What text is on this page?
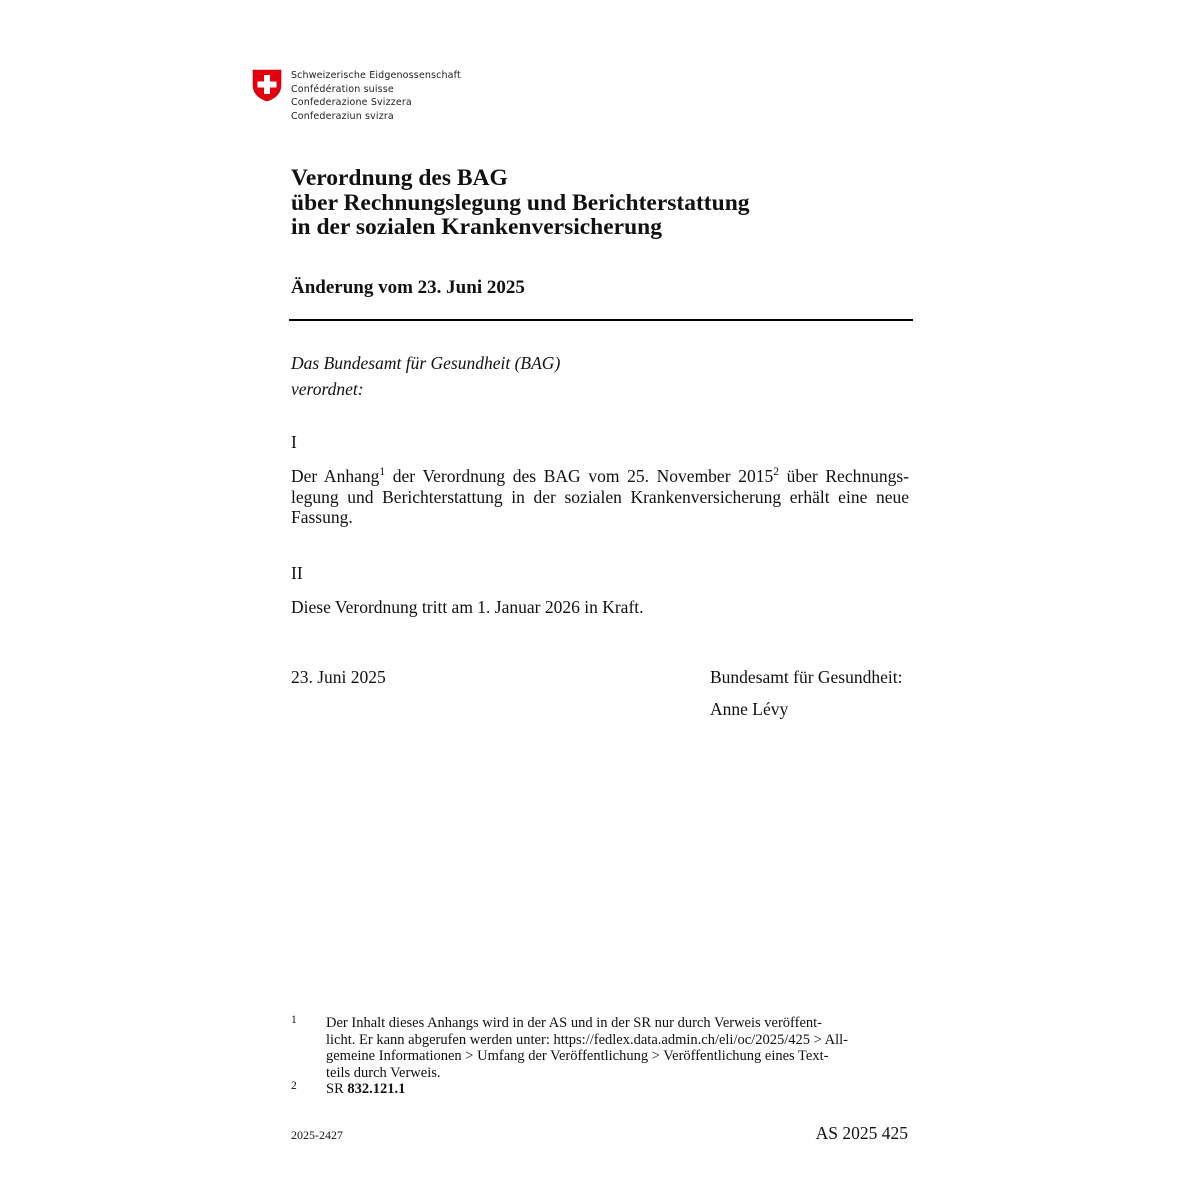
Schweizerische Eidgenossenschaft
Confédération suisse
Confederazione Svizzera
Confederaziun svizra
Verordnung des BAG
über Rechnungslegung und Berichterstattung
in der sozialen Krankenversicherung
Änderung vom 23. Juni 2025
Das Bundesamt für Gesundheit (BAG)
verordnet:
I
Der Anhang$^1$ der Verordnung des BAG vom 25. November 2015$^2$ über Rechnungs-
legung und Berichterstattung in der sozialen Krankenversicherung erhält eine neue
Fassung.
II
Diese Verordnung tritt am 1. Januar 2026 in Kraft.
23. Juni 2025	Bundesamt für Gesundheit:
Anne Lévy
1 Der Inhalt dieses Anhangs wird in der AS und in der SR nur durch Verweis veröffent-
licht. Er kann abgerufen werden unter: https://fedlex.data.admin.ch/eli/oc/2025/425 > All-
gemeine Informationen > Umfang der Veröffentlichung > Veröffentlichung eines Text-
teils durch Verweis.
2 SR 832.121.1
2025-2427	AS 2025 425
